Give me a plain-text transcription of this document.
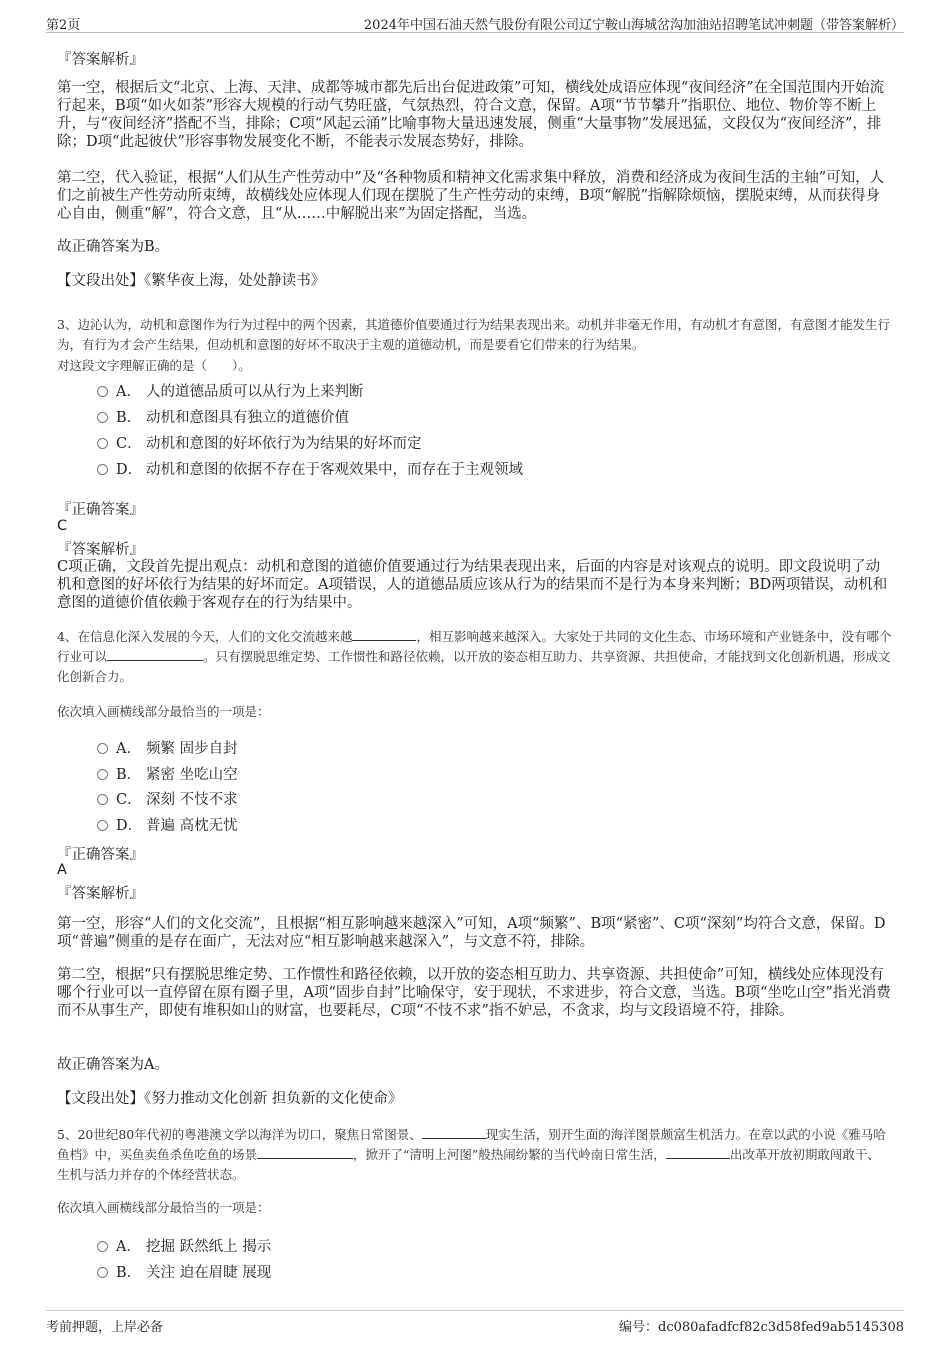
第2页	2024年中国石油天然气股份有限公司辽宁鞍山海城岔沟加油站招聘笔试冲刺题（带答案解析）
『答案解析』
第一空，根据后文“北京、上海、天津、成都等城市都先后出台促进政策”可知，横线处成语应体现“夜间经济”在全国范围内开始流行起来，B项“如火如荼”形容大规模的行动气势旺盛，气氛热烈，符合文意，保留。A项“节节攀升”指职位、地位、物价等不断上升，与“夜间经济”搭配不当，排除；C项“风起云涌”比喻事物大量迅速发展，侧重“大量事物”发展迅猛，文段仅为“夜间经济”，排除；D项“此起彼伏”形容事物发展变化不断，不能表示发展态势好，排除。
第二空，代入验证，根据“人们从生产性劳动中”及“各种物质和精神文化需求集中释放，消费和经济成为夜间生活的主轴”可知，人们之前被生产性劳动所束缚，故横线处应体现人们现在摆脱了生产性劳动的束缚，B项“解脱”指解除烦恼，摆脱束缚，从而获得身心自由，侧重“解”，符合文意，且“从……中解脱出来”为固定搭配，当选。
故正确答案为B。
【文段出处】《繁华夜上海，处处静读书》
3、边沁认为，动机和意图作为行为过程中的两个因素，其道德价值要通过行为结果表现出来。动机并非毫无作用，有动机才有意图，有意图才能发生行为，有行为才会产生结果，但动机和意图的好坏不取决于主观的道德动机，而是要看它们带来的行为结果。
对这段文字理解正确的是（　　）。
A． 人的道德品质可以从行为上来判断
B． 动机和意图具有独立的道德价值
C． 动机和意图的好坏依行为为结果的好坏而定
D． 动机和意图的依据不存在于客观效果中，而存在于主观领域
『正确答案』
C
『答案解析』
C项正确，文段首先提出观点：动机和意图的道德价值要通过行为结果表现出来，后面的内容是对该观点的说明。即文段说明了动机和意图的好坏依行为结果的好坏而定。A项错误，人的道德品质应该从行为的结果而不是行为本身来判断；BD两项错误，动机和意图的道德价值依赖于客观存在的行为结果中。
4、在信息化深入发展的今天，人们的文化交流越来越	，相互影响越来越深入。大家处于共同的文化生态、市场环境和产业链条中，没有哪个行业可以	。只有摆脱思维定势、工作惯性和路径依赖，以开放的姿态相互助力、共享资源、共担使命，才能找到文化创新机遇，形成文化创新合力。
依次填入画横线部分最恰当的一项是：
A． 频繁 固步自封
B． 紧密 坐吃山空
C． 深刻 不忮不求
D． 普遍 高枕无忧
『正确答案』
A
『答案解析』
第一空，形容“人们的文化交流”，且根据“相互影响越来越深入”可知，A项“频繁”、B项“紧密”、C项“深刻”均符合文意，保留。D项“普遍”侧重的是存在面广，无法对应“相互影响越来越深入”，与文意不符，排除。
第二空，根据“只有摆脱思维定势、工作惯性和路径依赖，以开放的姿态相互助力、共享资源、共担使命”可知，横线处应体现没有哪个行业可以一直停留在原有圈子里，A项“固步自封”比喻保守，安于现状，不求进步，符合文意，当选。B项“坐吃山空”指光消费而不从事生产，即使有堆积如山的财富，也要耗尽，C项“不忮不求”指不妒忌，不贪求，均与文段语境不符，排除。
故正确答案为A。
【文段出处】《努力推动文化创新 担负新的文化使命》
5、20世纪80年代初的粤港澳文学以海洋为切口，聚焦日常图景、	现实生活，别开生面的海洋图景颇富生机活力。在章以武的小说《雅马哈鱼档》中，买鱼卖鱼杀鱼吃鱼的场景	，掀开了“清明上河图”般热闹纷繁的当代岭南日常生活，	出改革开放初期敢闯敢干、生机与活力并存的个体经营状态。
依次填入画横线部分最恰当的一项是：
A． 挖掘 跃然纸上 揭示
B． 关注 迫在眉睫 展现
考前押题，上岸必备	编号：dc080afadfcf82c3d58fed9ab5145308
